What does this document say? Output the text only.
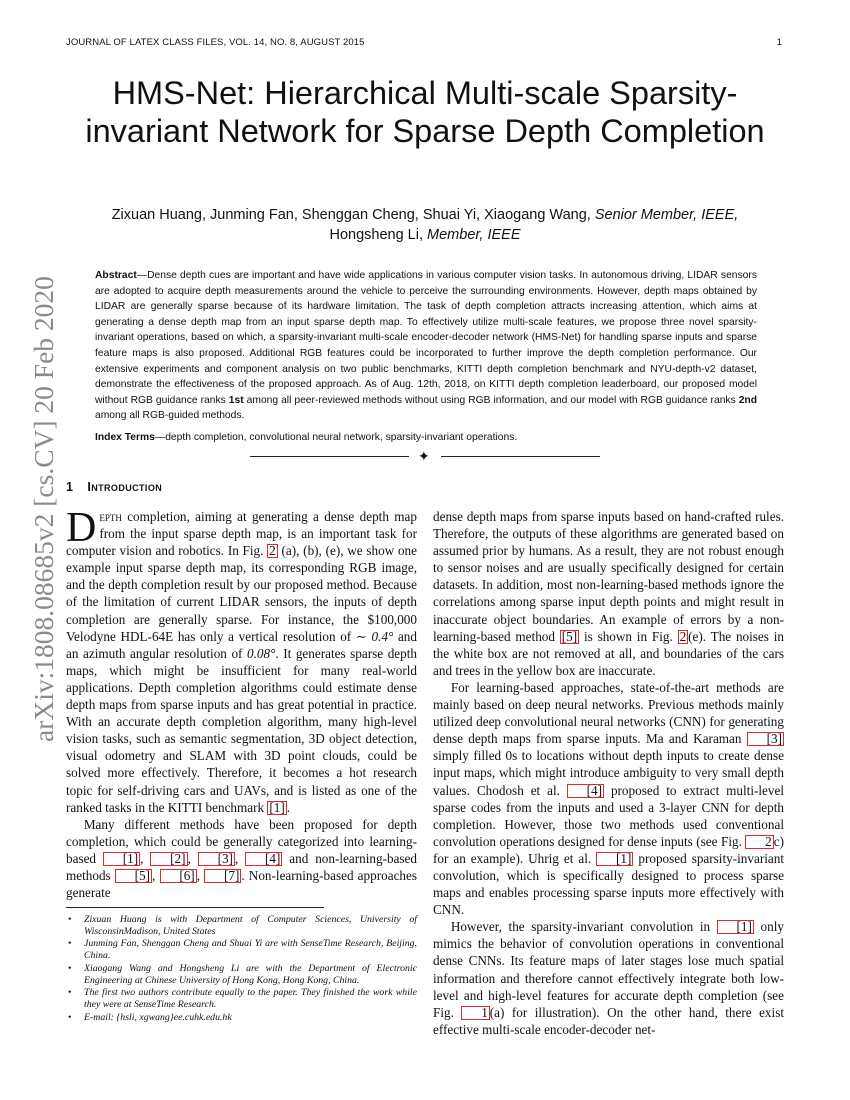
JOURNAL OF LATEX CLASS FILES, VOL. 14, NO. 8, AUGUST 2015	1
arXiv:1808.08685v2 [cs.CV] 20 Feb 2020
HMS-Net: Hierarchical Multi-scale Sparsity-invariant Network for Sparse Depth Completion
Zixuan Huang, Junming Fan, Shenggan Cheng, Shuai Yi, Xiaogang Wang, Senior Member, IEEE,
Hongsheng Li, Member, IEEE
Abstract—Dense depth cues are important and have wide applications in various computer vision tasks. In autonomous driving, LIDAR sensors are adopted to acquire depth measurements around the vehicle to perceive the surrounding environments. However, depth maps obtained by LIDAR are generally sparse because of its hardware limitation. The task of depth completion attracts increasing attention, which aims at generating a dense depth map from an input sparse depth map. To effectively utilize multi-scale features, we propose three novel sparsity-invariant operations, based on which, a sparsity-invariant multi-scale encoder-decoder network (HMS-Net) for handling sparse inputs and sparse feature maps is also proposed. Additional RGB features could be incorporated to further improve the depth completion performance. Our extensive experiments and component analysis on two public benchmarks, KITTI depth completion benchmark and NYU-depth-v2 dataset, demonstrate the effectiveness of the proposed approach. As of Aug. 12th, 2018, on KITTI depth completion leaderboard, our proposed model without RGB guidance ranks 1st among all peer-reviewed methods without using RGB information, and our model with RGB guidance ranks 2nd among all RGB-guided methods.
Index Terms—depth completion, convolutional neural network, sparsity-invariant operations.
✦
1 Introduction

Depth completion, aiming at generating a dense depth map from the input sparse depth map, is an important task for computer vision and robotics. In Fig. 2 (a), (b), (e), we show one example input sparse depth map, its corresponding RGB image, and the depth completion result by our proposed method. Because of the limitation of current LIDAR sensors, the inputs of depth completion are generally sparse. For instance, the $100,000 Velodyne HDL-64E has only a vertical resolution of ∼ 0.4° and an azimuth angular resolution of 0.08°. It generates sparse depth maps, which might be insufficient for many real-world applications. Depth completion algorithms could estimate dense depth maps from sparse inputs and has great potential in practice. With an accurate depth completion algorithm, many high-level vision tasks, such as semantic segmentation, 3D object detection, visual odometry and SLAM with 3D point clouds, could be solved more effectively. Therefore, it becomes a hot research topic for self-driving cars and UAVs, and is listed as one of the ranked tasks in the KITTI benchmark [1] .

Many different methods have been proposed for depth completion, which could be generally categorized into learning-based [1] , [2] , [3] , [4] and non-learning-based methods [5] , [6] , [7] . Non-learning-based approaches generate

• Zixuan Huang is with Department of Computer Sciences, University of WisconsinMadison, United States
• Junming Fan, Shenggan Cheng and Shuai Yi are with SenseTime Research, Beijing, China.
• Xiaogang Wang and Hongsheng Li are with the Department of Electronic Engineering at Chinese University of Hong Kong, Hong Kong, China.
• The first two authors contribute equally to the paper. They finished the work while they were at SenseTime Research.
• E-mail: {hsli, xgwang}ee.cuhk.edu.hk

dense depth maps from sparse inputs based on hand-crafted rules. Therefore, the outputs of these algorithms are generated based on assumed prior by humans. As a result, they are not robust enough to sensor noises and are usually specifically designed for certain datasets. In addition, most non-learning-based methods ignore the correlations among sparse input depth points and might result in inaccurate object boundaries. An example of errors by a non-learning-based method [5] is shown in Fig. 2 (e). The noises in the white box are not removed at all, and boundaries of the cars and trees in the yellow box are inaccurate.

For learning-based approaches, state-of-the-art methods are mainly based on deep neural networks. Previous methods mainly utilized deep convolutional neural networks (CNN) for generating dense depth maps from sparse inputs. Ma and Karaman [3] simply filled 0s to locations without depth inputs to create dense input maps, which might introduce ambiguity to very small depth values. Chodosh et al. [4] proposed to extract multi-level sparse codes from the inputs and used a 3-layer CNN for depth completion. However, those two methods used conventional convolution operations designed for dense inputs (see Fig. 2 c) for an example). Uhrig et al. [1] proposed sparsity-invariant convolution, which is specifically designed to process sparse maps and enables processing sparse inputs more effectively with CNN.

However, the sparsity-invariant convolution in [1] only mimics the behavior of convolution operations in conventional dense CNNs. Its feature maps of later stages lose much spatial information and therefore cannot effectively integrate both low-level and high-level features for accurate depth completion (see Fig. 1 (a) for illustration). On the other hand, there exist effective multi-scale encoder-decoder net-
